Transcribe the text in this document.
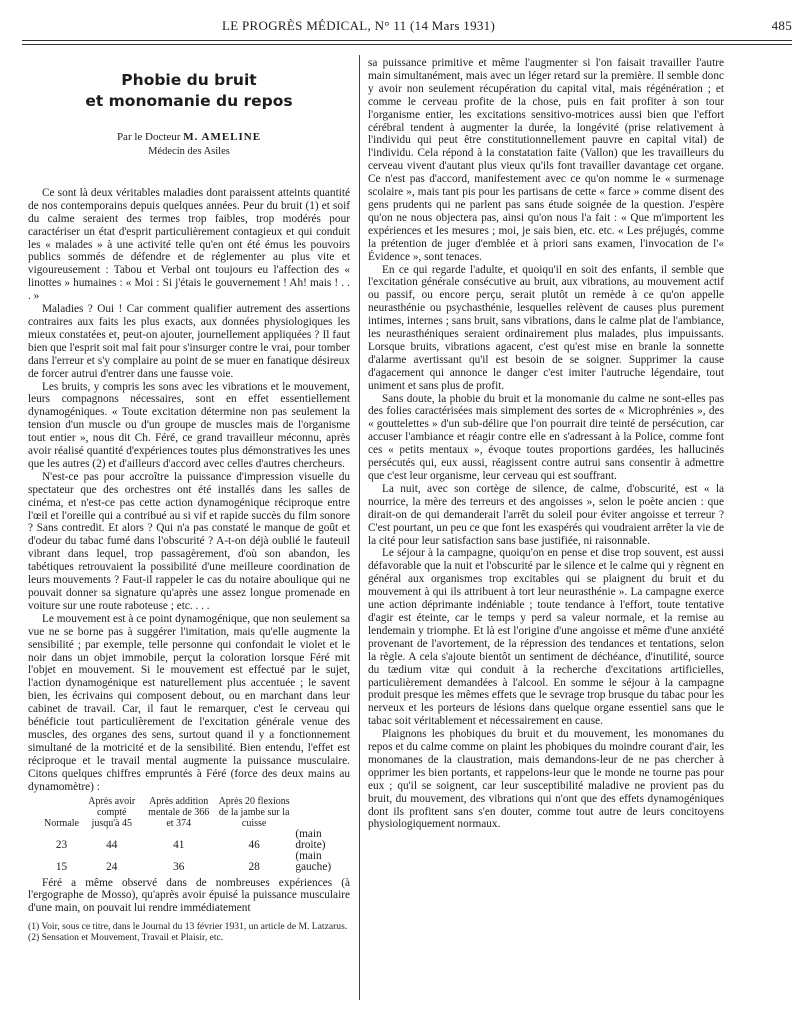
LE PROGRÈS MÉDICAL, N° 11 (14 Mars 1931)	485
Phobie du bruit
et monomanie du repos
Par le Docteur M. AMELINE
Médecin des Asiles

Ce sont là deux véritables maladies dont paraissent atteints quantité de nos contemporains depuis quelques années. Peur du bruit (1) et soif du calme seraient des termes trop faibles, trop modérés pour caractériser un état d'esprit particulièrement contagieux et qui conduit les « malades » à une activité telle qu'en ont été émus les pouvoirs publics sommés de défendre et de réglementer au plus vite et vigoureusement : Tabou et Verbal ont toujours eu l'affection des « linottes » humaines : « Moi : Si j'étais le gouvernement ! Ah! mais ! . . . »

Maladies ? Oui ! Car comment qualifier autrement des assertions contraires aux faits les plus exacts, aux données physiologiques les mieux constatées et, peut-on ajouter, journellement appliquées ? Il faut bien que l'esprit soit mal fait pour s'insurger contre le vrai, pour tomber dans l'erreur et s'y complaire au point de se muer en fanatique désireux de forcer autrui d'entrer dans une fausse voie.

Les bruits, y compris les sons avec les vibrations et le mouvement, leurs compagnons nécessaires, sont en effet essentiellement dynamogéniques. « Toute excitation détermine non pas seulement la tension d'un muscle ou d'un groupe de muscles mais de l'organisme tout entier », nous dit Ch. Féré, ce grand travailleur méconnu, après avoir réalisé quantité d'expériences toutes plus démonstratives les unes que les autres (2) et d'ailleurs d'accord avec celles d'autres chercheurs.

N'est-ce pas pour accroître la puissance d'impression visuelle du spectateur que des orchestres ont été installés dans les salles de cinéma, et n'est-ce pas cette action dynamogénique réciproque entre l'œil et l'oreille qui a contribué au si vif et rapide succès du film sonore ? Sans contredit. Et alors ? Qui n'a pas constaté le manque de goût et d'odeur du tabac fumé dans l'obscurité ? A-t-on déjà oublié le fauteuil vibrant dans lequel, trop passagèrement, d'où son abandon, les tabétiques retrouvaient la possibilité d'une meilleure coordination de leurs mouvements ? Faut-il rappeler le cas du notaire aboulique qui ne pouvait donner sa signature qu'après une assez longue promenade en voiture sur une route raboteuse ; etc. . . .

Le mouvement est à ce point dynamogénique, que non seulement sa vue ne se borne pas à suggérer l'imitation, mais qu'elle augmente la sensibilité ; par exemple, telle personne qui confondait le violet et le noir dans un objet immobile, perçut la coloration lorsque Féré mit l'objet en mouvement. Si le mouvement est effectué par le sujet, l'action dynamogénique est naturellement plus accentuée ; le savent bien, les écrivains qui composent debout, ou en marchant dans leur cabinet de travail. Car, il faut le remarquer, c'est le cerveau qui bénéficie tout particulièrement de l'excitation générale venue des muscles, des organes des sens, surtout quand il y a fonctionnement simultané de la motricité et de la sensibilité. Bien entendu, l'effet est réciproque et le travail mental augmente la puissance musculaire. Citons quelques chiffres empruntés à Féré (force des deux mains au dynamomètre) :

Normale	Après avoir compté jusqu'à 45	Après addition mentale de 366 et 374	Après 20 flexions de la jambe sur la cuisse	
23	44	41	46	(main droite)
15	24	36	28	(main gauche)

Féré a même observé dans de nombreuses expériences (à l'ergographe de Mosso), qu'après avoir épuisé la puissance musculaire d'une main, on pouvait lui rendre immédiatement

(1) Voir, sous ce titre, dans le Journal du 13 février 1931, un article de M. Latzarus.

(2) Sensation et Mouvement, Travail et Plaisir, etc.

sa puissance primitive et même l'augmenter si l'on faisait travailler l'autre main simultanément, mais avec un léger retard sur la première. Il semble donc y avoir non seulement récupération du capital vital, mais régénération ; et comme le cerveau profite de la chose, puis en fait profiter à son tour l'organisme entier, les excitations sensitivo-motrices aussi bien que l'effort cérébral tendent à augmenter la durée, la longévité (prise relativement à l'individu qui peut être constitutionnellement pauvre en capital vital) de l'individu. Cela répond à la constatation faite (Vallon) que les travailleurs du cerveau vivent d'autant plus vieux qu'ils font travailler davantage cet organe. Ce n'est pas d'accord, manifestement avec ce qu'on nomme le « surmenage scolaire », mais tant pis pour les partisans de cette « farce » comme disent des gens prudents qui ne parlent pas sans étude soignée de la question. J'espère qu'on ne nous objectera pas, ainsi qu'on nous l'a fait : « Que m'importent les expériences et les mesures ; moi, je sais bien, etc. etc. « Les préjugés, comme la prétention de juger d'emblée et à priori sans examen, l'invocation de l'« Évidence », sont tenaces.

En ce qui regarde l'adulte, et quoiqu'il en soit des enfants, il semble que l'excitation générale consécutive au bruit, aux vibrations, au mouvement actif ou passif, ou encore perçu, serait plutôt un remède à ce qu'on appelle neurasthénie ou psychasthénie, lesquelles relèvent de causes plus purement intimes, internes ; sans bruit, sans vibrations, dans le calme plat de l'ambiance, les neurasthéniques seraient ordinairement plus malades, plus impuissants. Lorsque bruits, vibrations agacent, c'est qu'est mise en branle la sonnette d'alarme avertissant qu'il est besoin de se soigner. Supprimer la cause d'agacement qui annonce le danger c'est imiter l'autruche légendaire, tout uniment et sans plus de profit.

Sans doute, la phobie du bruit et la monomanie du calme ne sont-elles pas des folies caractérisées mais simplement des sortes de « Microphrénies », des « gouttelettes » d'un sub-délire que l'on pourrait dire teinté de persécution, car accuser l'ambiance et réagir contre elle en s'adressant à la Police, comme font ces « petits mentaux », évoque toutes proportions gardées, les hallucinés persécutés qui, eux aussi, réagissent contre autrui sans consentir à admettre que c'est leur organisme, leur cerveau qui est souffrant.

La nuit, avec son cortège de silence, de calme, d'obscurité, est « la nourrice, la mère des terreurs et des angoisses », selon le poète ancien : que dirait-on de qui demanderait l'arrêt du soleil pour éviter angoisse et terreur ? C'est pourtant, un peu ce que font les exaspérés qui voudraient arrêter la vie de la cité pour leur satisfaction sans base justifiée, ni raisonnable.

Le séjour à la campagne, quoiqu'on en pense et dise trop souvent, est aussi défavorable que la nuit et l'obscurité par le silence et le calme qui y règnent en général aux organismes trop excitables qui se plaignent du bruit et du mouvement à qui ils attribuent à tort leur neurasthénie ». La campagne exerce une action déprimante indéniable ; toute tendance à l'effort, toute tentative d'agir est éteinte, car le temps y perd sa valeur normale, et la remise au lendemain y triomphe. Et là est l'origine d'une angoisse et même d'une anxiété provenant de l'avortement, de la répression des tendances et tentations, selon la règle. A cela s'ajoute bientôt un sentiment de déchéance, d'inutilité, source du tædium vitæ qui conduit à la recherche d'excitations artificielles, particulièrement demandées à l'alcool. En somme le séjour à la campagne produit presque les mêmes effets que le sevrage trop brusque du tabac pour les nerveux et les porteurs de lésions dans quelque organe essentiel sans que le tabac soit véritablement et nécessairement en cause.

Plaignons les phobiques du bruit et du mouvement, les monomanes du repos et du calme comme on plaint les phobiques du moindre courant d'air, les monomanes de la claustration, mais demandons-leur de ne pas chercher à opprimer les bien portants, et rappelons-leur que le monde ne tourne pas pour eux ; qu'il se soignent, car leur susceptibilité maladive ne provient pas du bruit, du mouvement, des vibrations qui n'ont que des effets dynamogéniques dont ils profitent sans s'en douter, comme tout autre de leurs concitoyens physiologiquement normaux.
